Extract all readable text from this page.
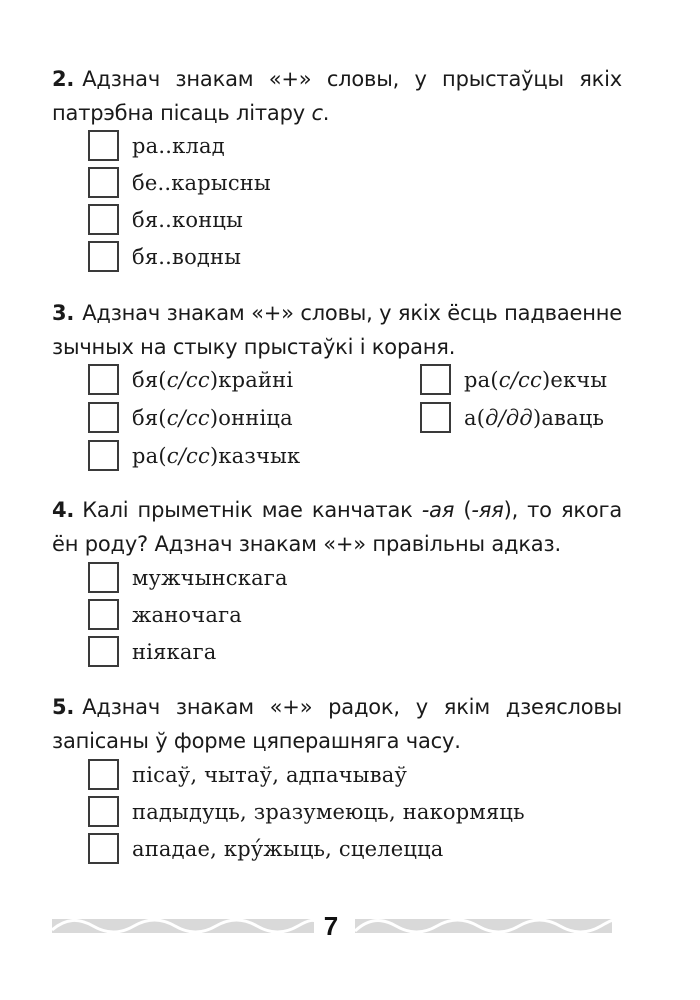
2. Адзнач знакам «+» словы, у прыстаўцы якіх патрэбна пісаць літару с.

ра..клад
бе..карысны
бя..концы
бя..водны

3. Адзнач знакам «+» словы, у якіх ёсць падваенне зычных на стыку прыстаўкі і кораня.

бя(с/сс)крайні
бя(с/сс)онніца
ра(с/сс)казчык
ра(с/сс)екчы
а(д/дд)аваць

4. Калі прыметнік мае канчатак -ая (-яя), то якога ён роду? Адзнач знакам «+» правільны адказ.

мужчынскага
жаночага
ніякага

5. Адзнач знакам «+» радок, у якім дзеясловы запісаны ў форме цяперашняга часу.

пісаў, чытаў, адпачываў
падыдуць, зразумеюць, накормяць
ападае, кру́жыць, сцелецца
7
